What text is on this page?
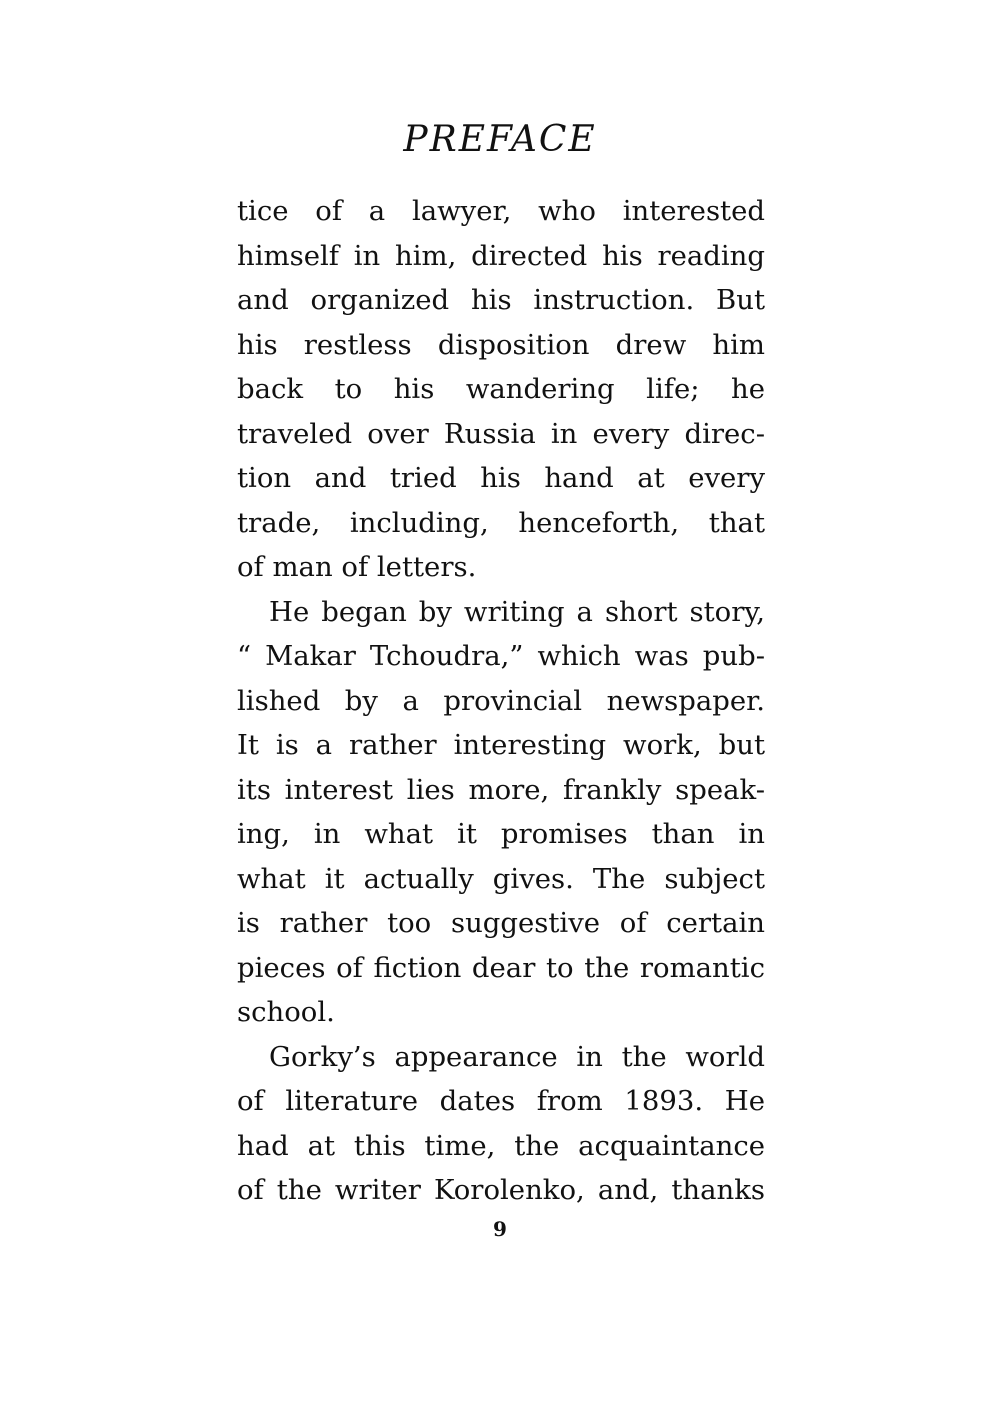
PREFACE
tice of a lawyer, who interested
himself in him, directed his reading
and organized his instruction. But
his restless disposition drew him
back to his wandering life; he
traveled over Russia in every direc-
tion and tried his hand at every
trade, including, henceforth, that
of man of letters.
He began by writing a short story,
“ Makar Tchoudra,” which was pub-
lished by a provincial newspaper.
It is a rather interesting work, but
its interest lies more, frankly speak-
ing, in what it promises than in
what it actually gives. The subject
is rather too suggestive of certain
pieces of fiction dear to the romantic
school.
Gorky’s appearance in the world
of literature dates from 1893. He
had at this time, the acquaintance
of the writer Korolenko, and, thanks
9
